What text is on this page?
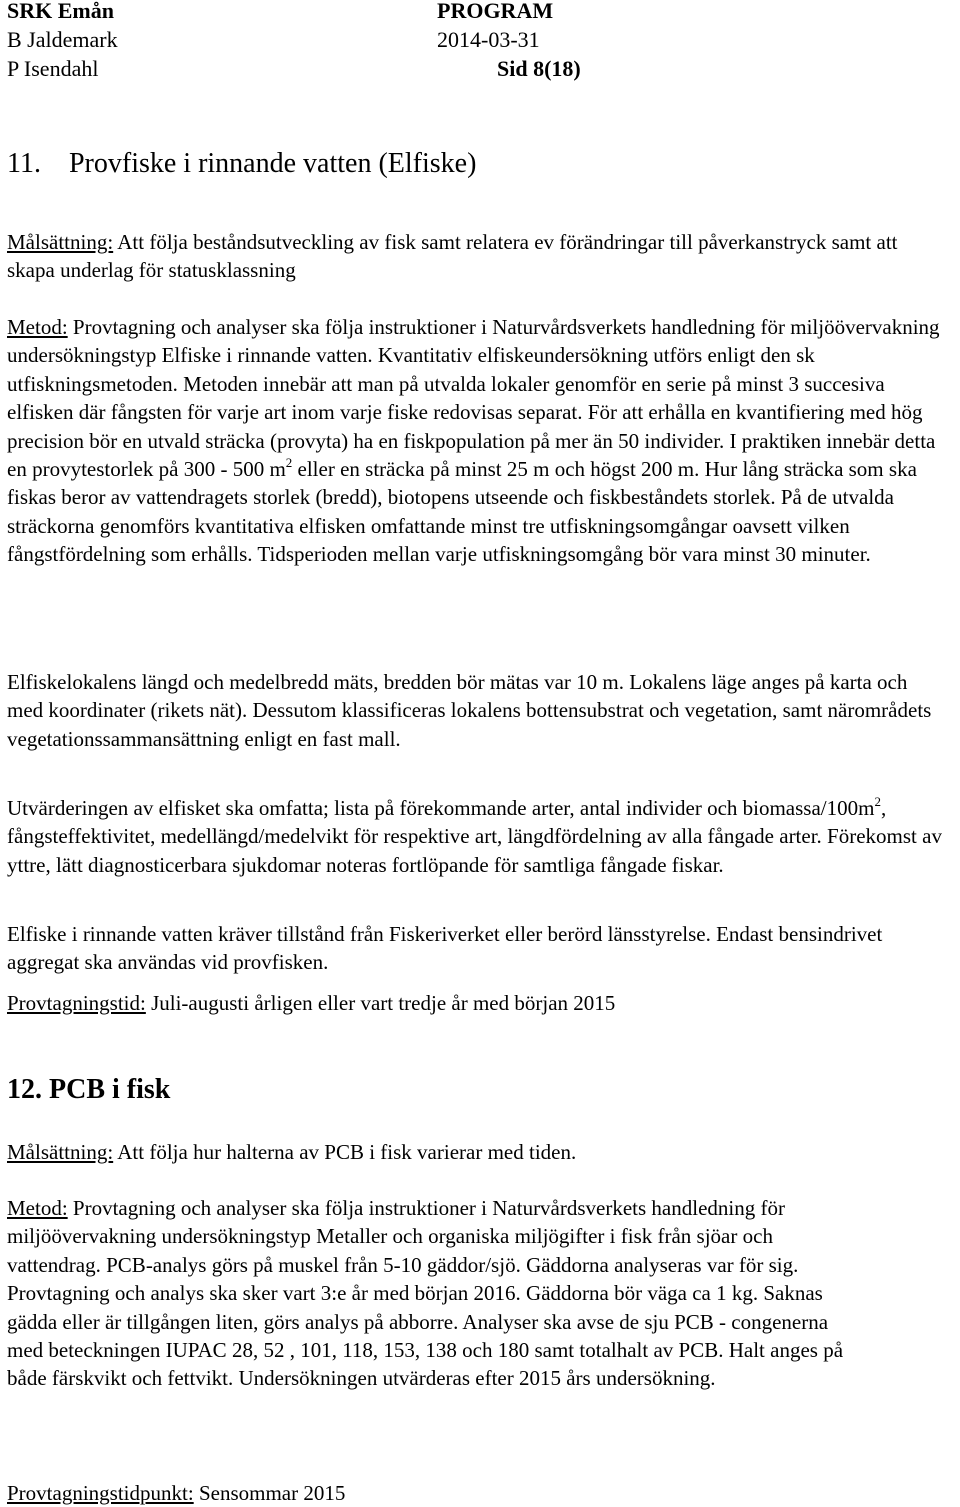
SRK Emån	PROGRAM
B Jaldemark	2014-03-31
P Isendahl	Sid 8(18)
11. Provfiske i rinnande vatten (Elfiske)

Målsättning: Att följa beståndsutveckling av fisk samt relatera ev förändringar till påverkanstryck samt att skapa underlag för statusklassning

Metod: Provtagning och analyser ska följa instruktioner i Naturvårdsverkets handledning för miljöövervakning undersökningstyp Elfiske i rinnande vatten. Kvantitativ elfiskeundersökning utförs enligt den sk utfiskningsmetoden. Metoden innebär att man på utvalda lokaler genomför en serie på minst 3 succesiva elfisken där fångsten för varje art inom varje fiske redovisas separat. För att erhålla en kvantifiering med hög precision bör en utvald sträcka (provyta) ha en fiskpopulation på mer än 50 individer. I praktiken innebär detta en provytestorlek på 300 - 500 $m^2$ eller en sträcka på minst 25 m och högst 200 m. Hur lång sträcka som ska fiskas beror av vattendragets storlek (bredd), biotopens utseende och fiskbeståndets storlek. På de utvalda sträckorna genomförs kvantitativa elfisken omfattande minst tre utfiskningsomgångar oavsett vilken fångstfördelning som erhålls. Tidsperioden mellan varje utfiskningsomgång bör vara minst 30 minuter.

Elfiskelokalens längd och medelbredd mäts, bredden bör mätas var 10 m. Lokalens läge anges på karta och med koordinater (rikets nät). Dessutom klassificeras lokalens bottensubstrat och vegetation, samt närområdets vegetationssammansättning enligt en fast mall.

Utvärderingen av elfisket ska omfatta; lista på förekommande arter, antal individer och biomassa/$100m^2$, fångsteffektivitet, medellängd/medelvikt för respektive art, längdfördelning av alla fångade arter. Förekomst av yttre, lätt diagnosticerbara sjukdomar noteras fortlöpande för samtliga fångade fiskar.

Elfiske i rinnande vatten kräver tillstånd från Fiskeriverket eller berörd länsstyrelse. Endast bensindrivet aggregat ska användas vid provfisken.

Provtagningstid: Juli-augusti årligen eller vart tredje år med början 2015

12. PCB i fisk

Målsättning: Att följa hur halterna av PCB i fisk varierar med tiden.

Metod: Provtagning och analyser ska följa instruktioner i Naturvårdsverkets handledning för miljöövervakning undersökningstyp Metaller och organiska miljögifter i fisk från sjöar och vattendrag. PCB-analys görs på muskel från 5-10 gäddor/sjö. Gäddorna analyseras var för sig. Provtagning och analys ska sker vart 3:e år med början 2016. Gäddorna bör väga ca 1 kg. Saknas gädda eller är tillgången liten, görs analys på abborre. Analyser ska avse de sju PCB - congenerna med beteckningen IUPAC 28, 52 , 101, 118, 153, 138 och 180 samt totalhalt av PCB. Halt anges på både färskvikt och fettvikt. Undersökningen utvärderas efter 2015 års undersökning.

Provtagningstidpunkt: Sensommar 2015
